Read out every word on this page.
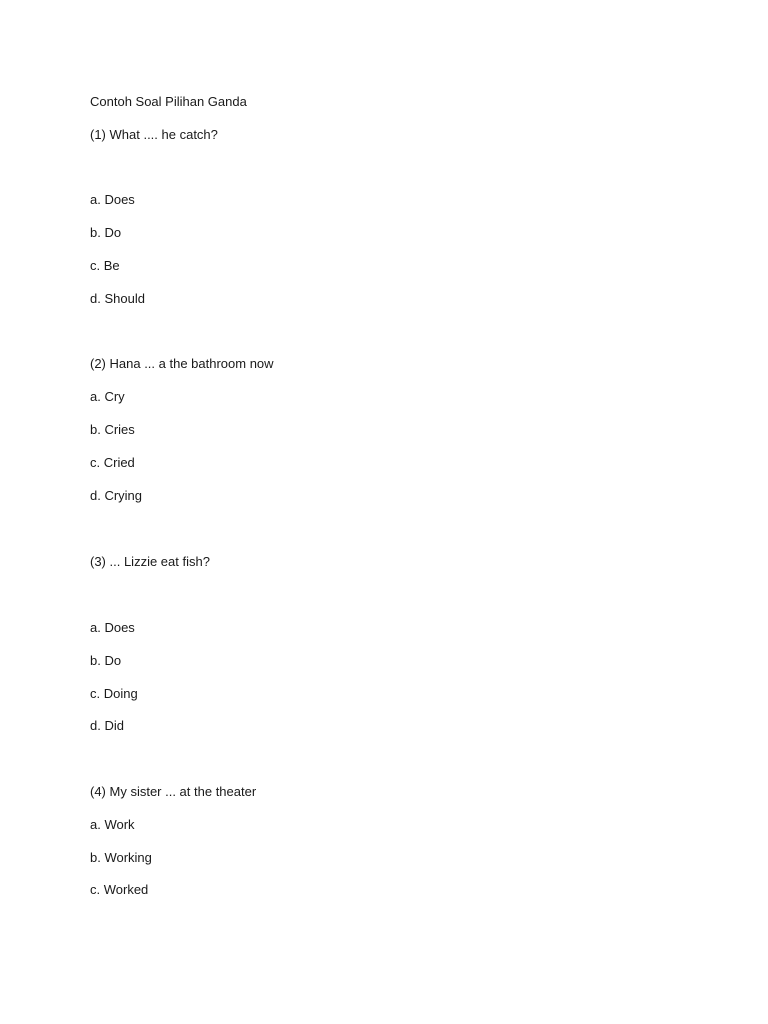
Contoh Soal Pilihan Ganda
(1) What .... he catch?
a. Does
b. Do
c. Be
d. Should
(2) Hana ... a the bathroom now
a. Cry
b. Cries
c. Cried
d. Crying
(3) ... Lizzie eat fish?
a. Does
b. Do
c. Doing
d. Did
(4) My sister ... at the theater
a. Work
b. Working
c. Worked
